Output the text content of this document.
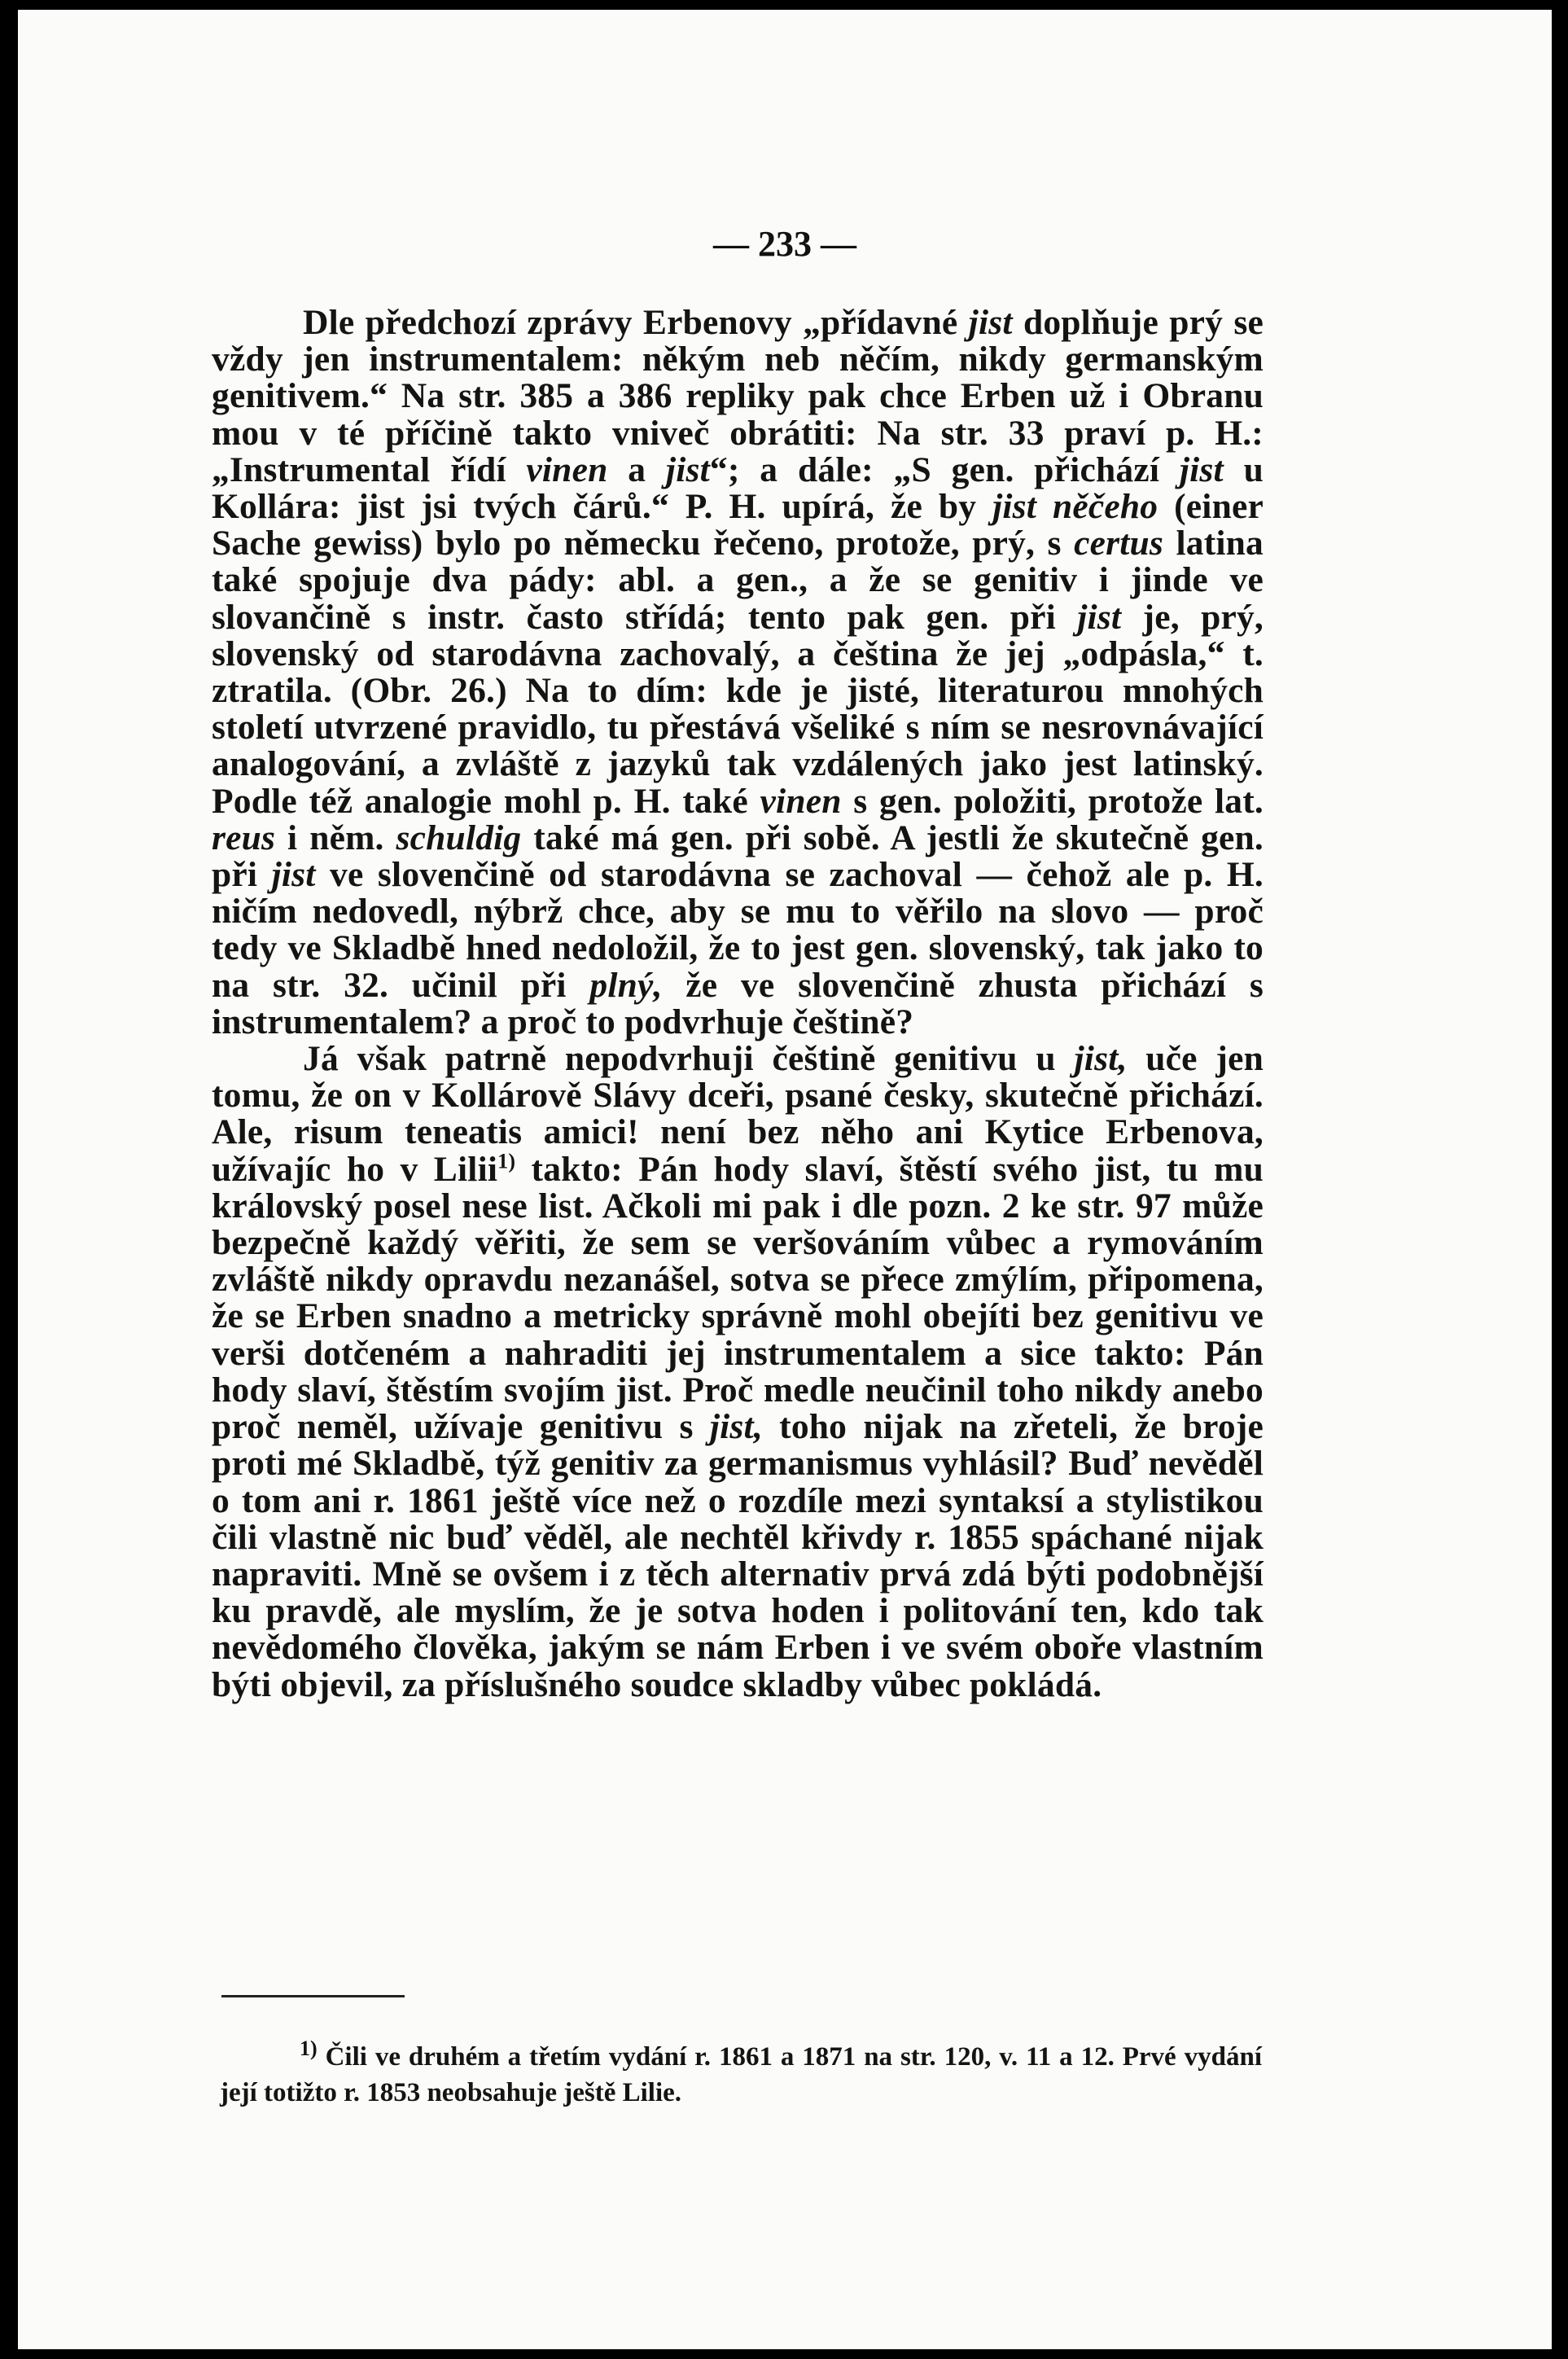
— 233 —

Dle předchozí zprávy Erbenovy „přídavné jist doplňuje prý se vždy jen instrumentalem: někým neb něčím, nikdy germanským genitivem.“ Na str. 385 a 386 repliky pak chce Erben už i Obranu mou v té příčině takto vniveč obrátiti: Na str. 33 praví p. H.: „Instrumental řídí vinen a jist“; a dále: „S gen. přichází jist u Kollára: jist jsi tvých čárů.“ P. H. upírá, že by jist něčeho (einer Sache gewiss) bylo po německu řečeno, protože, prý, s certus latina také spojuje dva pády: abl. a gen., a že se genitiv i jinde ve slovančině s instr. často střídá; tento pak gen. při jist je, prý, slovenský od starodávna zachovalý, a čeština že jej „odpásla,“ t. ztratila. (Obr. 26.) Na to dím: kde je jisté, literaturou mnohých století utvrzené pravidlo, tu přestává všeliké s ním se nesrovnávající analogování, a zvláště z jazyků tak vzdálených jako jest latinský. Podle též analogie mohl p. H. také vinen s gen. položiti, protože lat. reus i něm. schuldig také má gen. při sobě. A jestli že skutečně gen. při jist ve slovenčině od starodávna se zachoval — čehož ale p. H. ničím nedovedl, nýbrž chce, aby se mu to věřilo na slovo — proč tedy ve Skladbě hned nedoložil, že to jest gen. slovenský, tak jako to na str. 32. učinil při plný, že ve slovenčině zhusta přichází s instrumentalem? a proč to podvrhuje češtině?

Já však patrně nepodvrhuji češtině genitivu u jist, uče jen tomu, že on v Kollárově Slávy dceři, psané česky, skutečně přichází. Ale, risum teneatis amici! není bez něho ani Kytice Erbenova, užívajíc ho v Lilii$^{1)}$ takto: Pán hody slaví, štěstí svého jist, tu mu královský posel nese list. Ačkoli mi pak i dle pozn. 2 ke str. 97 může bezpečně každý věřiti, že sem se veršováním vůbec a rymováním zvláště nikdy opravdu nezanášel, sotva se přece zmýlím, připomena, že se Erben snadno a metricky správně mohl obejíti bez genitivu ve verši dotčeném a nahraditi jej instrumentalem a sice takto: Pán hody slaví, štěstím svojím jist. Proč medle neučinil toho nikdy anebo proč neměl, užívaje genitivu s jist, toho nijak na zřeteli, že broje proti mé Skladbě, týž genitiv za germanismus vyhlásil? Buď nevěděl o tom ani r. 1861 ještě více než o rozdíle mezi syntaksí a stylistikou čili vlastně nic buď věděl, ale nechtěl křivdy r. 1855 spáchané nijak napraviti. Mně se ovšem i z těch alternativ prvá zdá býti podobnější ku pravdě, ale myslím, že je sotva hoden i politování ten, kdo tak nevědomého člověka, jakým se nám Erben i ve svém oboře vlastním býti objevil, za příslušného soudce skladby vůbec pokládá.

$^{1)}$ Čili ve druhém a třetím vydání r. 1861 a 1871 na str. 120, v. 11 a 12. Prvé vydání její totižto r. 1853 neobsahuje ještě Lilie.
